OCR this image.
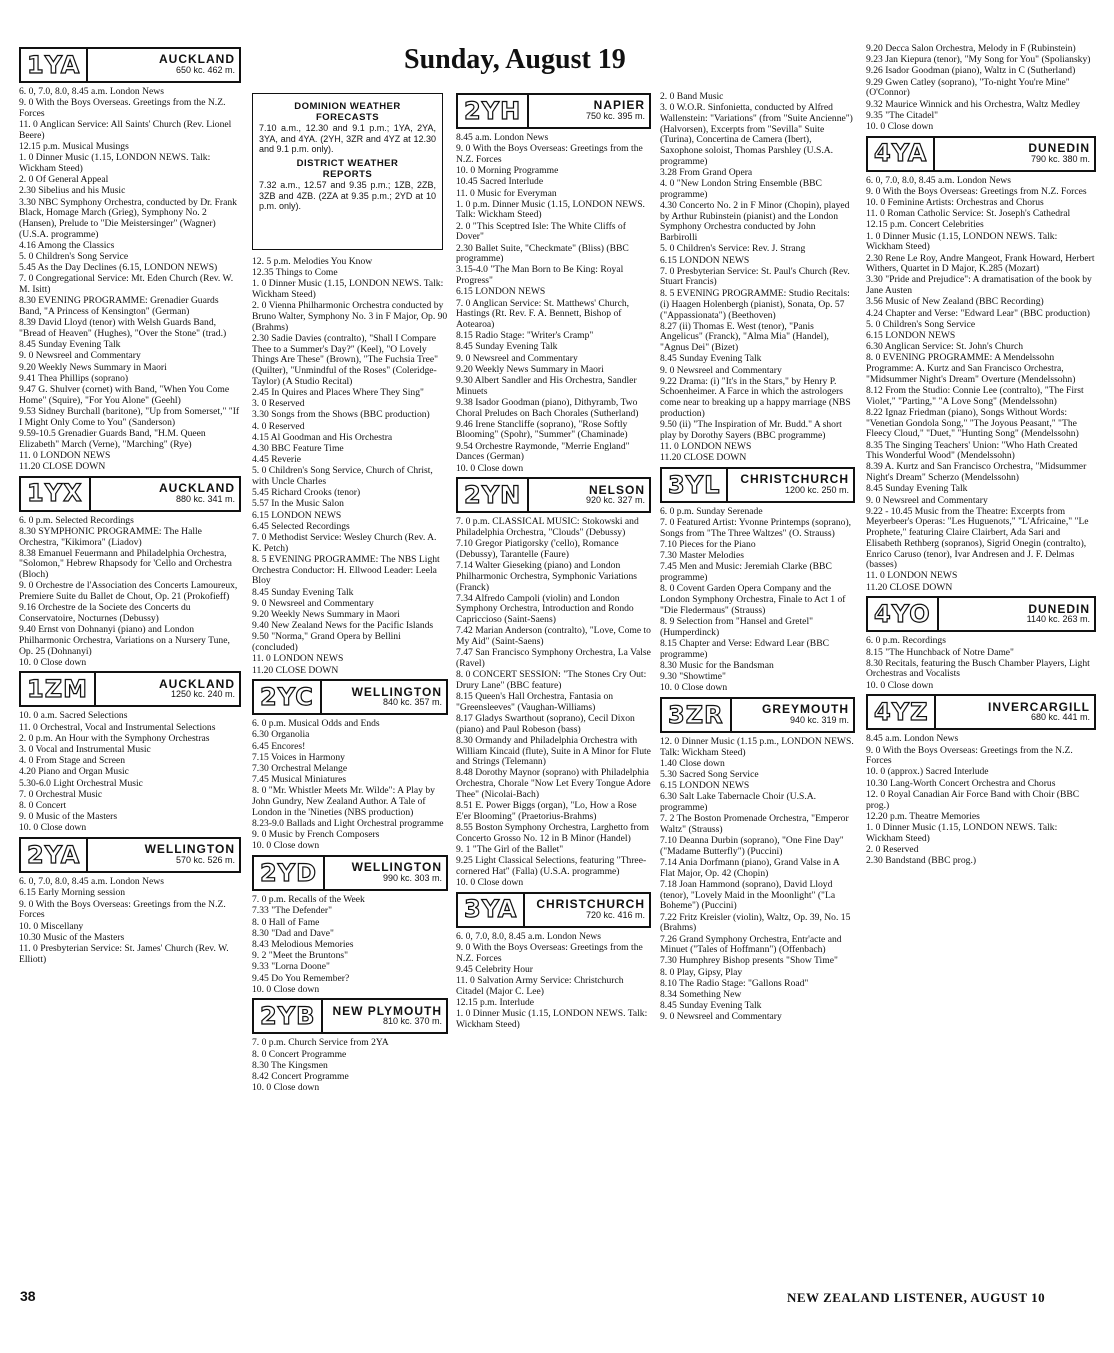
Sunday, August 19
1YA	AUCKLAND
650 kc. 462 m.

6. 0, 7.0, 8.0, 8.45 a.m. London News

9. 0 With the Boys Overseas. Greetings from the N.Z. Forces

11. 0 Anglican Service: All Saints' Church (Rev. Lionel Beere)

12.15 p.m. Musical Musings

1. 0 Dinner Music (1.15, LONDON NEWS. Talk: Wickham Steed)

2. 0 Of General Appeal

2.30 Sibelius and his Music

3.30 NBC Symphony Orchestra, conducted by Dr. Frank Black, Homage March (Grieg), Symphony No. 2 (Hansen), Prelude to "Die Meistersinger" (Wagner) (U.S.A. programme)

4.16 Among the Classics

5. 0 Children's Song Service

5.45 As the Day Declines (6.15, LONDON NEWS)

7. 0 Congregational Service: Mt. Eden Church (Rev. W. M. Isitt)

8.30 EVENING PROGRAMME: Grenadier Guards Band, "A Princess of Kensington" (German)

8.39 David Lloyd (tenor) with Welsh Guards Band, "Bread of Heaven" (Hughes), "Over the Stone" (trad.)

8.45 Sunday Evening Talk

9. 0 Newsreel and Commentary

9.20 Weekly News Summary in Maori

9.41 Thea Phillips (soprano)

9.47 G. Shulver (cornet) with Band, "When You Come Home" (Squire), "For You Alone" (Geehl)

9.53 Sidney Burchall (baritone), "Up from Somerset," "If I Might Only Come to You" (Sanderson)

9.59-10.5 Grenadier Guards Band, "H.M. Queen Elizabeth" March (Verne), "Marching" (Rye)

11. 0 LONDON NEWS

11.20 CLOSE DOWN

1YX	AUCKLAND
880 kc. 341 m.

6. 0 p.m. Selected Recordings

8.30 SYMPHONIC PROGRAMME: The Halle Orchestra, "Kikimora" (Liadov)

8.38 Emanuel Feuermann and Philadelphia Orchestra, "Solomon," Hebrew Rhapsody for 'Cello and Orchestra (Bloch)

9. 0 Orchestre de l'Association des Concerts Lamoureux, Premiere Suite du Ballet de Chout, Op. 21 (Prokofieff)

9.16 Orchestre de la Societe des Concerts du Conservatoire, Nocturnes (Debussy)

9.40 Ernst von Dohnanyi (piano) and London Philharmonic Orchestra, Variations on a Nursery Tune, Op. 25 (Dohnanyi)

10. 0 Close down

1ZM	AUCKLAND
1250 kc. 240 m.

10. 0 a.m. Sacred Selections

11. 0 Orchestral, Vocal and Instrumental Selections

2. 0 p.m. An Hour with the Symphony Orchestras

3. 0 Vocal and Instrumental Music

4. 0 From Stage and Screen

4.20 Piano and Organ Music

5.30-6.0 Light Orchestral Music

7. 0 Orchestral Music

8. 0 Concert

9. 0 Music of the Masters

10. 0 Close down

2YA	WELLINGTON
570 kc. 526 m.

6. 0, 7.0, 8.0, 8.45 a.m. London News

6.15 Early Morning session

9. 0 With the Boys Overseas: Greetings from the N.Z. Forces

10. 0 Miscellany

10.30 Music of the Masters

11. 0 Presbyterian Service: St. James' Church (Rev. W. Elliott)

12. 5 p.m. Melodies You Know

12.35 Things to Come

1. 0 Dinner Music (1.15, LONDON NEWS. Talk: Wickham Steed)

2. 0 Vienna Philharmonic Orchestra conducted by Bruno Walter, Symphony No. 3 in F Major, Op. 90 (Brahms)

2.30 Sadie Davies (contralto), "Shall I Compare Thee to a Summer's Day?" (Keel), "O Lovely Things Are These" (Brown), "The Fuchsia Tree" (Quilter), "Unmindful of the Roses" (Coleridge-Taylor) (A Studio Recital)

2.45 In Quires and Places Where They Sing"

3. 0 Reserved

3.30 Songs from the Shows (BBC production)

4. 0 Reserved

4.15 Al Goodman and His Orchestra

4.30 BBC Feature Time

4.45 Reverie

5. 0 Children's Song Service, Church of Christ, with Uncle Charles

5.45 Richard Crooks (tenor)

5.57 In the Music Salon

6.15 LONDON NEWS

6.45 Selected Recordings

7. 0 Methodist Service: Wesley Church (Rev. A. K. Petch)

8. 5 EVENING PROGRAMME: The NBS Light Orchestra Conductor: H. Ellwood Leader: Leela Bloy

8.45 Sunday Evening Talk

9. 0 Newsreel and Commentary

9.20 Weekly News Summary in Maori

9.40 New Zealand News for the Pacific Islands

9.50 "Norma," Grand Opera by Bellini (concluded)

11. 0 LONDON NEWS

11.20 CLOSE DOWN

2YC	WELLINGTON
840 kc. 357 m.

6. 0 p.m. Musical Odds and Ends

6.30 Organolia

6.45 Encores!

7.15 Voices in Harmony

7.30 Orchestral Melange

7.45 Musical Miniatures

8. 0 "Mr. Whistler Meets Mr. Wilde": A Play by John Gundry, New Zealand Author. A Tale of London in the 'Nineties (NBS production)

8.23-9.0 Ballads and Light Orchestral programme

9. 0 Music by French Composers

10. 0 Close down

2YD	WELLINGTON
990 kc. 303 m.

7. 0 p.m. Recalls of the Week

7.33 "The Defender"

8. 0 Hall of Fame

8.30 "Dad and Dave"

8.43 Melodious Memories

9. 2 "Meet the Bruntons"

9.33 "Lorna Doone"

9.45 Do You Remember?

10. 0 Close down

2YB	NEW PLYMOUTH
810 kc. 370 m.

7. 0 p.m. Church Service from 2YA

8. 0 Concert Programme

8.30 The Kingsmen

8.42 Concert Programme

10. 0 Close down

2YH	NAPIER
750 kc. 395 m.

8.45 a.m. London News

9. 0 With the Boys Overseas: Greetings from the N.Z. Forces

10. 0 Morning Programme

10.45 Sacred Interlude

11. 0 Music for Everyman

1. 0 p.m. Dinner Music (1.15, LONDON NEWS. Talk: Wickham Steed)

2. 0 "This Sceptred Isle: The White Cliffs of Dover"

2.30 Ballet Suite, "Checkmate" (Bliss) (BBC programme)

3.15-4.0 "The Man Born to Be King: Royal Progress"

6.15 LONDON NEWS

7. 0 Anglican Service: St. Matthews' Church, Hastings (Rt. Rev. F. A. Bennett, Bishop of Aotearoa)

8.15 Radio Stage: "Writer's Cramp"

8.45 Sunday Evening Talk

9. 0 Newsreel and Commentary

9.20 Weekly News Summary in Maori

9.30 Albert Sandler and His Orchestra, Sandler Minuets

9.38 Isador Goodman (piano), Dithyramb, Two Choral Preludes on Bach Chorales (Sutherland)

9.46 Irene Stancliffe (soprano), "Rose Softly Blooming" (Spohr), "Summer" (Chaminade)

9.54 Orchestre Raymonde, "Merrie England" Dances (German)

10. 0 Close down

2YN	NELSON
920 kc. 327 m.

7. 0 p.m. CLASSICAL MUSIC: Stokowski and Philadelphia Orchestra, "Clouds" (Debussy)

7.10 Gregor Piatigorsky ('cello), Romance (Debussy), Tarantelle (Faure)

7.14 Walter Gieseking (piano) and London Philharmonic Orchestra, Symphonic Variations (Franck)

7.34 Alfredo Campoli (violin) and London Symphony Orchestra, Introduction and Rondo Capriccioso (Saint-Saens)

7.42 Marian Anderson (contralto), "Love, Come to My Aid" (Saint-Saens)

7.47 San Francisco Symphony Orchestra, La Valse (Ravel)

8. 0 CONCERT SESSION: "The Stones Cry Out: Drury Lane" (BBC feature)

8.15 Queen's Hall Orchestra, Fantasia on "Greensleeves" (Vaughan-Williams)

8.17 Gladys Swarthout (soprano), Cecil Dixon (piano) and Paul Robeson (bass)

8.30 Ormandy and Philadelphia Orchestra with William Kincaid (flute), Suite in A Minor for Flute and Strings (Telemann)

8.48 Dorothy Maynor (soprano) with Philadelphia Orchestra, Chorale "Now Let Every Tongue Adore Thee" (Nicolai-Bach)

8.51 E. Power Biggs (organ), "Lo, How a Rose E'er Blooming" (Praetorius-Brahms)

8.55 Boston Symphony Orchestra, Larghetto from Concerto Grosso No. 12 in B Minor (Handel)

9. 1 "The Girl of the Ballet"

9.25 Light Classical Selections, featuring "Three-cornered Hat" (Falla) (U.S.A. programme)

10. 0 Close down

3YA	CHRISTCHURCH
720 kc. 416 m.

6. 0, 7.0, 8.0, 8.45 a.m. London News

9. 0 With the Boys Overseas: Greetings from the N.Z. Forces

9.45 Celebrity Hour

11. 0 Salvation Army Service: Christchurch Citadel (Major C. Lee)

12.15 p.m. Interlude

1. 0 Dinner Music (1.15, LONDON NEWS. Talk: Wickham Steed)

2. 0 Band Music

3. 0 W.O.R. Sinfonietta, conducted by Alfred Wallenstein: "Variations" (from "Suite Ancienne") (Halvorsen), Excerpts from "Sevilla" Suite (Turina), Concertina de Camera (Ibert), Saxophone soloist, Thomas Parshley (U.S.A. programme)

3.28 From Grand Opera

4. 0 "New London String Ensemble (BBC programme)

4.30 Concerto No. 2 in F Minor (Chopin), played by Arthur Rubinstein (pianist) and the London Symphony Orchestra conducted by John Barbirolli

5. 0 Children's Service: Rev. J. Strang

6.15 LONDON NEWS

7. 0 Presbyterian Service: St. Paul's Church (Rev. Stuart Francis)

8. 5 EVENING PROGRAMME: Studio Recitals:

(i) Haagen Holenbergh (pianist), Sonata, Op. 57 ("Appassionata") (Beethoven)

8.27 (ii) Thomas E. West (tenor), "Panis Angelicus" (Franck), "Alma Mia" (Handel), "Agnus Dei" (Bizet)

8.45 Sunday Evening Talk

9. 0 Newsreel and Commentary

9.22 Drama: (i) "It's in the Stars," by Henry P. Schoenheimer. A Farce in which the astrologers come near to breaking up a happy marriage (NBS production)

9.50 (ii) "The Inspiration of Mr. Budd." A short play by Dorothy Sayers (BBC programme)

11. 0 LONDON NEWS

11.20 CLOSE DOWN

3YL	CHRISTCHURCH
1200 kc. 250 m.

6. 0 p.m. Sunday Serenade

7. 0 Featured Artist: Yvonne Printemps (soprano), Songs from "The Three Waltzes" (O. Strauss)

7.10 Pieces for the Piano

7.30 Master Melodies

7.45 Men and Music: Jeremiah Clarke (BBC programme)

8. 0 Covent Garden Opera Company and the London Symphony Orchestra, Finale to Act 1 of "Die Fledermaus" (Strauss)

8. 9 Selection from "Hansel and Gretel" (Humperdinck)

8.15 Chapter and Verse: Edward Lear (BBC programme)

8.30 Music for the Bandsman

9.30 "Showtime"

10. 0 Close down

3ZR	GREYMOUTH
940 kc. 319 m.

12. 0 Dinner Music (1.15 p.m., LONDON NEWS. Talk: Wickham Steed)

1.40 Close down

5.30 Sacred Song Service

6.15 LONDON NEWS

6.30 Salt Lake Tabernacle Choir (U.S.A. programme)

7. 2 The Boston Promenade Orchestra, "Emperor Waltz" (Strauss)

7.10 Deanna Durbin (soprano), "One Fine Day" ("Madame Butterfly") (Puccini)

7.14 Ania Dorfmann (piano), Grand Valse in A Flat Major, Op. 42 (Chopin)

7.18 Joan Hammond (soprano), David Lloyd (tenor), "Lovely Maid in the Moonlight" ("La Boheme") (Puccini)

7.22 Fritz Kreisler (violin), Waltz, Op. 39, No. 15 (Brahms)

7.26 Grand Symphony Orchestra, Entr'acte and Minuet ("Tales of Hoffmann") (Offenbach)

7.30 Humphrey Bishop presents "Show Time"

8. 0 Play, Gipsy, Play

8.10 The Radio Stage: "Gallons Road"

8.34 Something New

8.45 Sunday Evening Talk

9. 0 Newsreel and Commentary

9.20 Decca Salon Orchestra, Melody in F (Rubinstein)

9.23 Jan Kiepura (tenor), "My Song for You" (Spoliansky)

9.26 Isador Goodman (piano), Waltz in C (Sutherland)

9.29 Gwen Catley (soprano), "To-night You're Mine" (O'Connor)

9.32 Maurice Winnick and his Orchestra, Waltz Medley

9.35 "The Citadel"

10. 0 Close down

4YA	DUNEDIN
790 kc. 380 m.

6. 0, 7.0, 8.0, 8.45 a.m. London News

9. 0 With the Boys Overseas: Greetings from N.Z. Forces

10. 0 Feminine Artists: Orchestras and Chorus

11. 0 Roman Catholic Service: St. Joseph's Cathedral

12.15 p.m. Concert Celebrities

1. 0 Dinner Music (1.15, LONDON NEWS. Talk: Wickham Steed)

2.30 Rene Le Roy, Andre Mangeot, Frank Howard, Herbert Withers, Quartet in D Major, K.285 (Mozart)

3.30 "Pride and Prejudice": A dramatisation of the book by Jane Austen

3.56 Music of New Zealand (BBC Recording)

4.24 Chapter and Verse: "Edward Lear" (BBC production)

5. 0 Children's Song Service

6.15 LONDON NEWS

6.30 Anglican Service: St. John's Church

8. 0 EVENING PROGRAMME: A Mendelssohn Programme: A. Kurtz and San Francisco Orchestra, "Midsummer Night's Dream" Overture (Mendelssohn)

8.12 From the Studio: Connie Lee (contralto), "The First Violet," "Parting," "A Love Song" (Mendelssohn)

8.22 Ignaz Friedman (piano), Songs Without Words: "Venetian Gondola Song," "The Joyous Peasant," "The Fleecy Cloud," "Duet," "Hunting Song" (Mendelssohn)

8.35 The Singing Teachers' Union: "Who Hath Created This Wonderful Wood" (Mendelssohn)

8.39 A. Kurtz and San Francisco Orchestra, "Midsummer Night's Dream" Scherzo (Mendelssohn)

8.45 Sunday Evening Talk

9. 0 Newsreel and Commentary

9.22 - 10.45 Music from the Theatre: Excerpts from Meyerbeer's Operas: "Les Huguenots," "L'Africaine," "Le Prophete," featuring Claire Clairbert, Ada Sari and Elisabeth Rethberg (sopranos), Sigrid Onegin (contralto), Enrico Caruso (tenor), Ivar Andresen and J. F. Delmas (basses)

11. 0 LONDON NEWS

11.20 CLOSE DOWN

4YO	DUNEDIN
1140 kc. 263 m.

6. 0 p.m. Recordings

8.15 "The Hunchback of Notre Dame"

8.30 Recitals, featuring the Busch Chamber Players, Light Orchestras and Vocalists

10. 0 Close down

4YZ	INVERCARGILL
680 kc. 441 m.

8.45 a.m. London News

9. 0 With the Boys Overseas: Greetings from the N.Z. Forces

10. 0 (approx.) Sacred Interlude

10.30 Lang-Worth Concert Orchestra and Chorus

12. 0 Royal Canadian Air Force Band with Choir (BBC prog.)

12.20 p.m. Theatre Memories

1. 0 Dinner Music (1.15, LONDON NEWS. Talk: Wickham Steed)

2. 0 Reserved

2.30 Bandstand (BBC prog.)

DOMINION WEATHER
FORECASTS
7.10 a.m., 12.30 and 9.1 p.m.; 1YA, 2YA, 3YA, and 4YA. (2YH, 3ZR and 4YZ at 12.30 and 9.1 p.m. only).
DISTRICT WEATHER
REPORTS
7.32 a.m., 12.57 and 9.35 p.m.; 1ZB, 2ZB, 3ZB and 4ZB. (2ZA at 9.35 p.m.; 2YD at 10 p.m. only).
38	NEW ZEALAND LISTENER, AUGUST 10
